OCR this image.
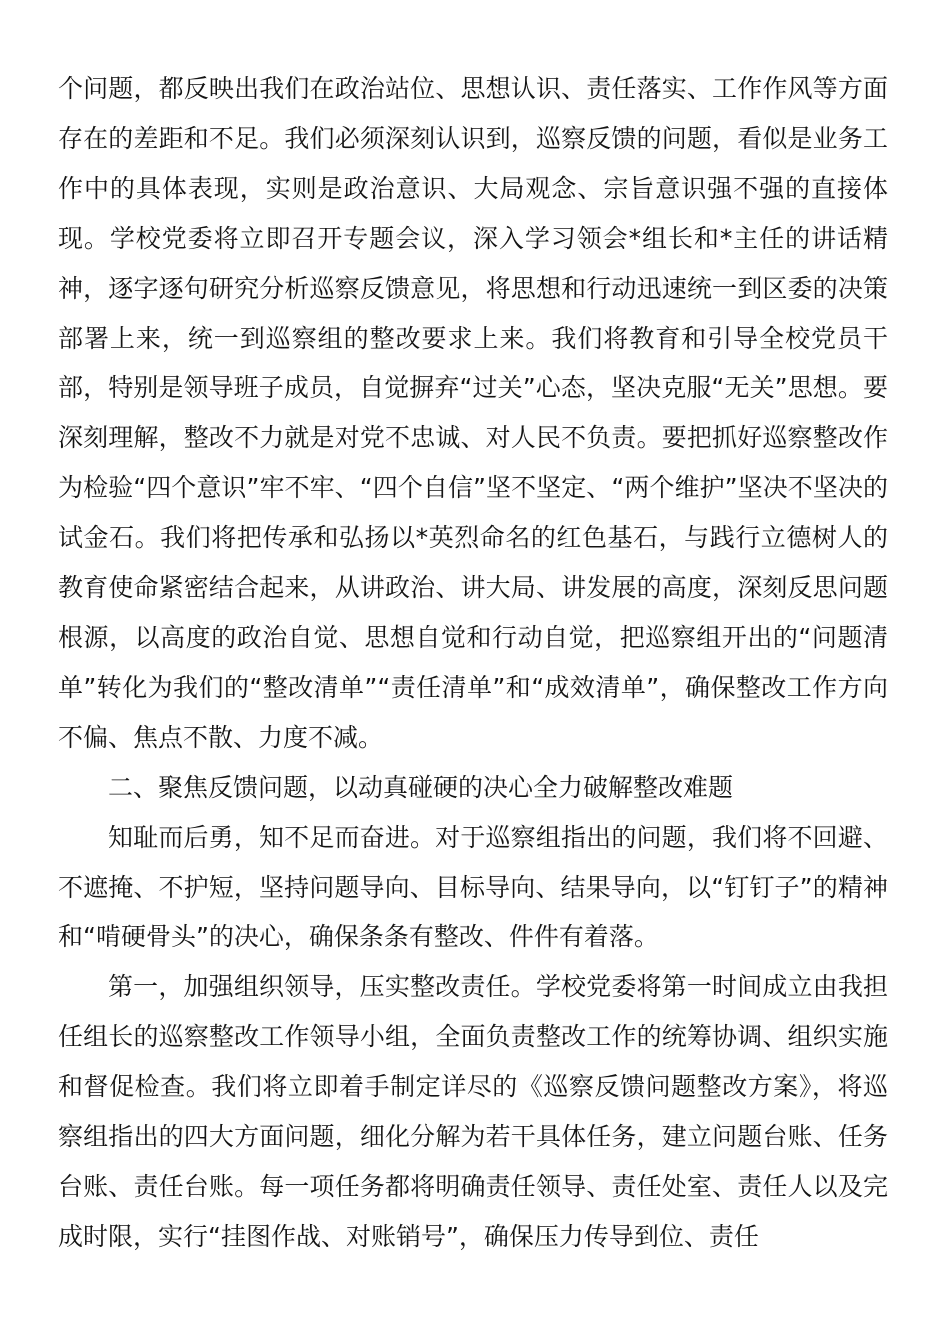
个问题，都反映出我们在政治站位、思想认识、责任落实、工作作风等方面存在的差距和不足。我们必须深刻认识到，巡察反馈的问题，看似是业务工作中的具体表现，实则是政治意识、大局观念、宗旨意识强不强的直接体现。学校党委将立即召开专题会议，深入学习领会*组长和*主任的讲话精神，逐字逐句研究分析巡察反馈意见，将思想和行动迅速统一到区委的决策部署上来，统一到巡察组的整改要求上来。我们将教育和引导全校党员干部，特别是领导班子成员，自觉摒弃“过关”心态，坚决克服“无关”思想。要深刻理解，整改不力就是对党不忠诚、对人民不负责。要把抓好巡察整改作为检验“四个意识”牢不牢、“四个自信”坚不坚定、“两个维护”坚决不坚决的试金石。我们将把传承和弘扬以*英烈命名的红色基石，与践行立德树人的教育使命紧密结合起来，从讲政治、讲大局、讲发展的高度，深刻反思问题根源，以高度的政治自觉、思想自觉和行动自觉，把巡察组开出的“问题清单”转化为我们的“整改清单”“责任清单”和“成效清单”，确保整改工作方向不偏、焦点不散、力度不减。

二、聚焦反馈问题，以动真碰硬的决心全力破解整改难题

知耻而后勇，知不足而奋进。对于巡察组指出的问题，我们将不回避、不遮掩、不护短，坚持问题导向、目标导向、结果导向，以“钉钉子”的精神和“啃硬骨头”的决心，确保条条有整改、件件有着落。

第一，加强组织领导，压实整改责任。学校党委将第一时间成立由我担任组长的巡察整改工作领导小组，全面负责整改工作的统筹协调、组织实施和督促检查。我们将立即着手制定详尽的《巡察反馈问题整改方案》，将巡察组指出的四大方面问题，细化分解为若干具体任务，建立问题台账、任务台账、责任台账。每一项任务都将明确责任领导、责任处室、责任人以及完成时限，实行“挂图作战、对账销号”，确保压力传导到位、责任
